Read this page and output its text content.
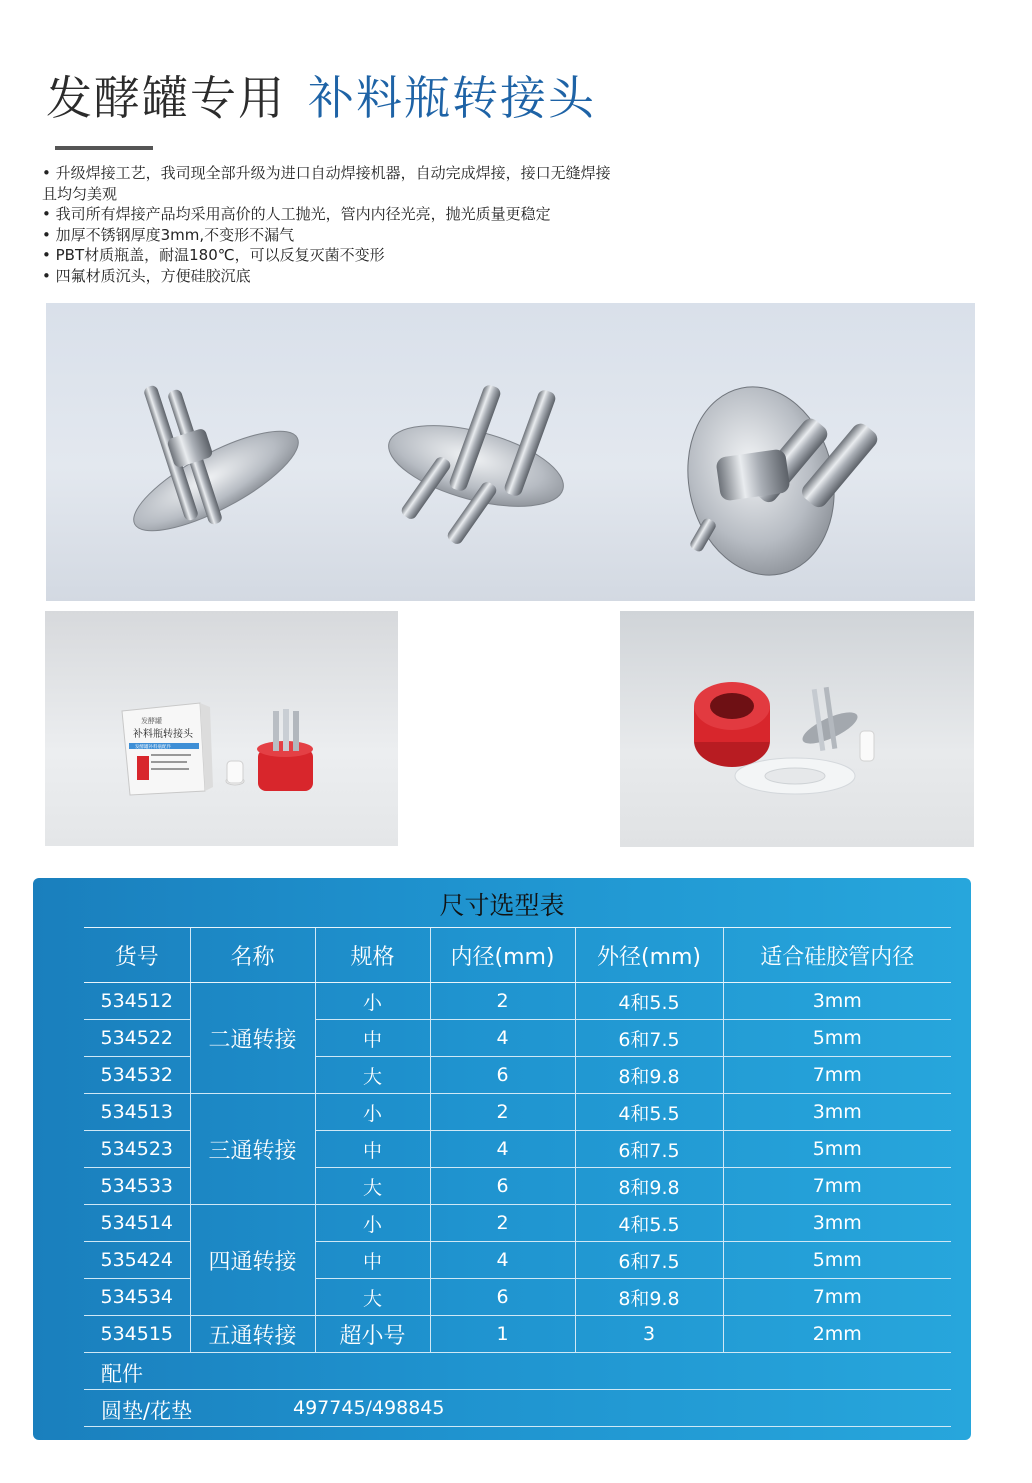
发酵罐专用 补料瓶转接头
• 升级焊接工艺，我司现全部升级为进口自动焊接机器，自动完成焊接，接口无缝焊接
且均匀美观
• 我司所有焊接产品均采用高价的人工抛光，管内内径光亮，抛光质量更稳定
• 加厚不锈钢厚度3mm,不变形不漏气
• PBT材质瓶盖，耐温180℃，可以反复灭菌不变形
• 四氟材质沉头，方便硅胶沉底
发酵罐
补料瓶转接头
发酵罐补料瓶配件
尺寸选型表
货号	名称	规格	内径(mm)	外径(mm)	适合硅胶管内径
534512	二通转接	小	2	4和5.5	3mm
534522		中	4	6和7.5	5mm
534532		大	6	8和9.8	7mm
534513	三通转接	小	2	4和5.5	3mm
534523		中	4	6和7.5	5mm
534533		大	6	8和9.8	7mm
534514	四通转接	小	2	4和5.5	3mm
535424		中	4	6和7.5	5mm
534534		大	6	8和9.8	7mm
534515	五通转接	超小号	1	3	2mm
配件
圆垫/花垫	497745/498845
